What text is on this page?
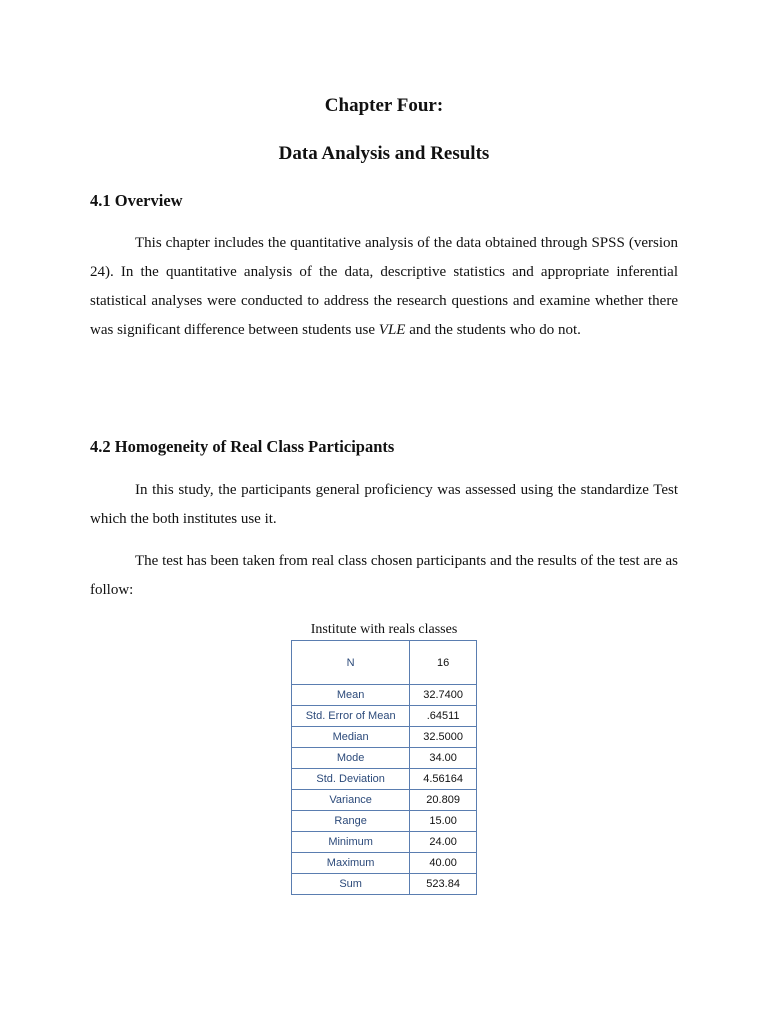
Chapter Four:
Data Analysis and Results
4.1 Overview

This chapter includes the quantitative analysis of the data obtained through SPSS (version 24). In the quantitative analysis of the data, descriptive statistics and appropriate inferential statistical analyses were conducted to address the research questions and examine whether there was significant difference between students use VLE and the students who do not.

4.2 Homogeneity of Real Class Participants

In this study, the participants general proficiency was assessed using the standardize Test which the both institutes use it.

The test has been taken from real class chosen participants and the results of the test are as follow:

Institute with reals classes
N	16
Mean	32.7400
Std. Error of Mean	.64511
Median	32.5000
Mode	34.00
Std. Deviation	4.56164
Variance	20.809
Range	15.00
Minimum	24.00
Maximum	40.00
Sum	523.84
